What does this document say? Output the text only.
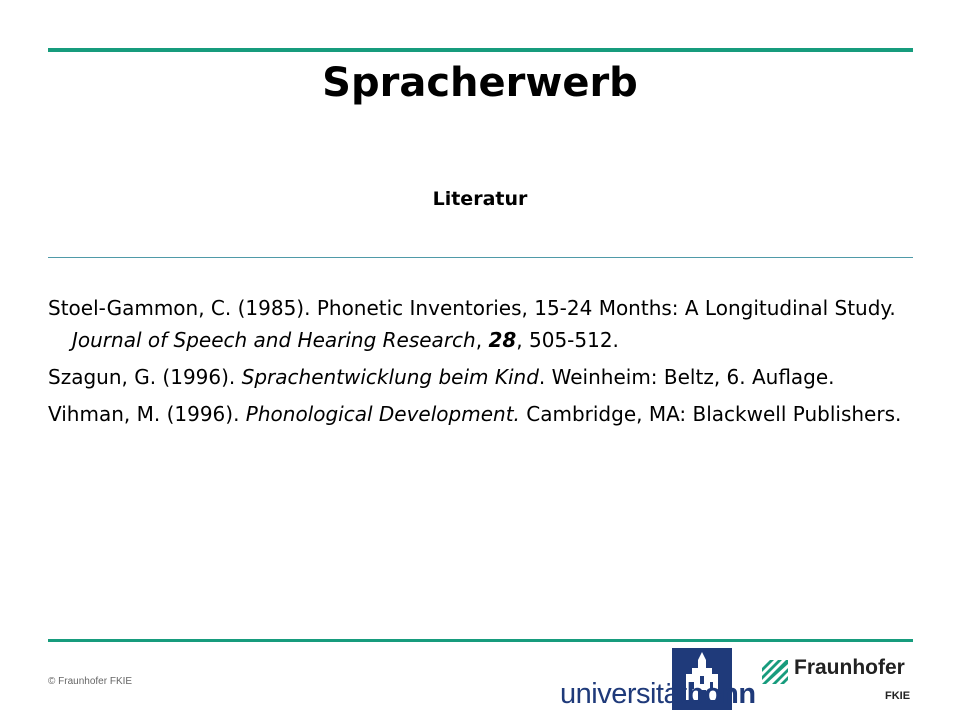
Spracherwerb
Literatur

Stoel-Gammon, C. (1985). Phonetic Inventories, 15-24 Months: A Longitudinal Study. Journal of Speech and Hearing Research, 28, 505-512.

Szagun, G. (1996). Sprachentwicklung beim Kind. Weinheim: Beltz, 6. Auflage.

Vihman, M. (1996). Phonological Development. Cambridge, MA: Blackwell Publishers.

© Fraunhofer FKIE	universitätbonn
Fraunhofer
FKIE
